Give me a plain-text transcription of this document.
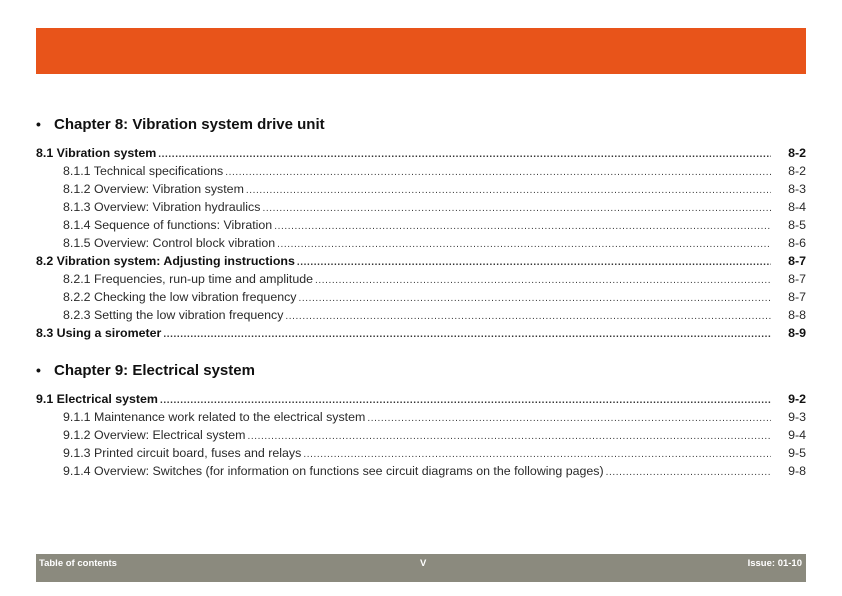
• Chapter 8: Vibration system drive unit
8.1 Vibration system .....	8-2
8.1.1 Technical specifications .....	8-2
8.1.2 Overview: Vibration system .....	8-3
8.1.3 Overview: Vibration hydraulics .....	8-4
8.1.4 Sequence of functions: Vibration .....	8-5
8.1.5 Overview: Control block vibration .....	8-6
8.2 Vibration system: Adjusting instructions .....	8-7
8.2.1 Frequencies, run-up time and amplitude .....	8-7
8.2.2 Checking the low vibration frequency .....	8-7
8.2.3 Setting the low vibration frequency .....	8-8
8.3 Using a sirometer .....	8-9
• Chapter 9: Electrical system
9.1 Electrical system .....	9-2
9.1.1 Maintenance work related to the electrical system .....	9-3
9.1.2 Overview: Electrical system .....	9-4
9.1.3 Printed circuit board, fuses and relays .....	9-5
9.1.4 Overview: Switches (for information on functions see circuit diagrams on the following pages) .....	9-8
Table of contents	V	Issue: 01-10
